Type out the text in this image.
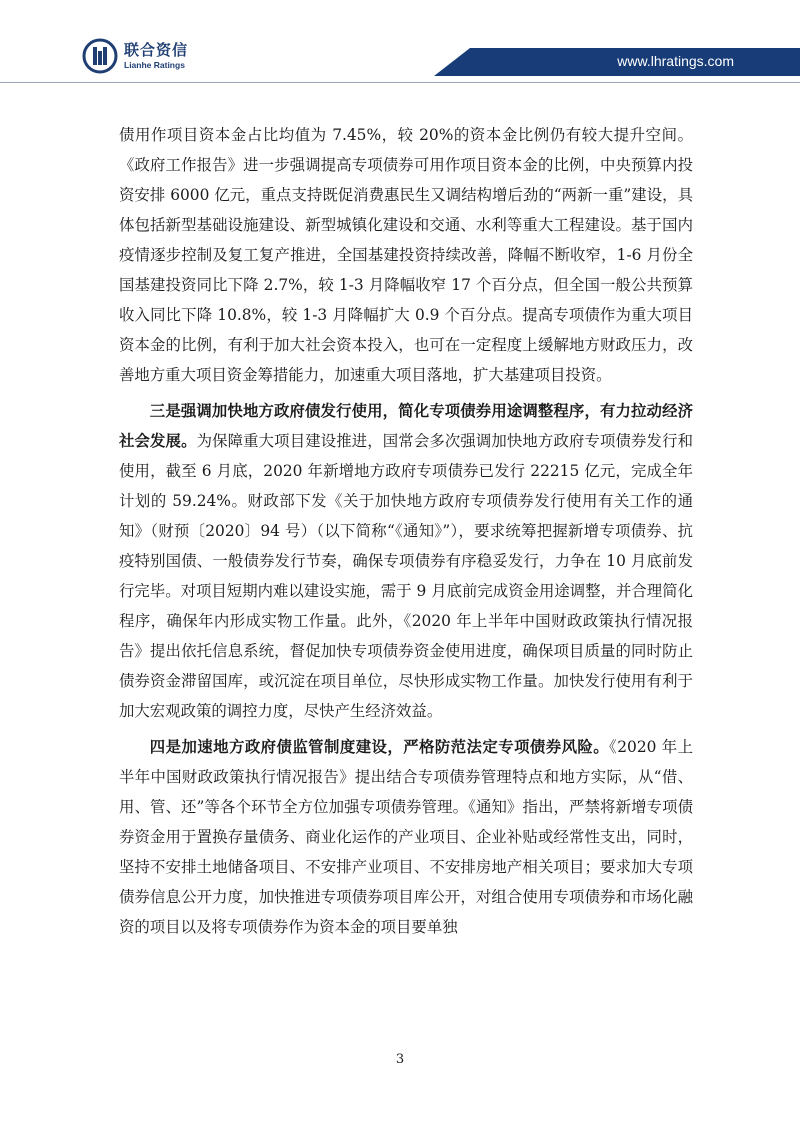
联合资信
Lianhe Ratings	www.lhratings.com

债用作项目资本金占比均值为 7.45%，较 20%的资本金比例仍有较大提升空间。《政府工作报告》进一步强调提高专项债券可用作项目资本金的比例，中央预算内投资安排 6000 亿元，重点支持既促消费惠民生又调结构增后劲的“两新一重”建设，具体包括新型基础设施建设、新型城镇化建设和交通、水利等重大工程建设。基于国内疫情逐步控制及复工复产推进，全国基建投资持续改善，降幅不断收窄，1-6 月份全国基建投资同比下降 2.7%，较 1-3 月降幅收窄 17 个百分点，但全国一般公共预算收入同比下降 10.8%，较 1-3 月降幅扩大 0.9 个百分点。提高专项债作为重大项目资本金的比例，有利于加大社会资本投入，也可在一定程度上缓解地方财政压力，改善地方重大项目资金筹措能力，加速重大项目落地，扩大基建项目投资。

三是强调加快地方政府债发行使用，简化专项债券用途调整程序，有力拉动经济社会发展。为保障重大项目建设推进，国常会多次强调加快地方政府专项债券发行和使用，截至 6 月底，2020 年新增地方政府专项债券已发行 22215 亿元，完成全年计划的 59.24%。财政部下发《关于加快地方政府专项债券发行使用有关工作的通知》（财预〔2020〕94 号）（以下简称“《通知》”），要求统筹把握新增专项债券、抗疫特别国债、一般债券发行节奏，确保专项债券有序稳妥发行，力争在 10 月底前发行完毕。对项目短期内难以建设实施，需于 9 月底前完成资金用途调整，并合理简化程序，确保年内形成实物工作量。此外，《2020 年上半年中国财政政策执行情况报告》提出依托信息系统，督促加快专项债券资金使用进度，确保项目质量的同时防止债券资金滞留国库，或沉淀在项目单位，尽快形成实物工作量。加快发行使用有利于加大宏观政策的调控力度，尽快产生经济效益。

四是加速地方政府债监管制度建设，严格防范法定专项债券风险。《2020 年上半年中国财政政策执行情况报告》提出结合专项债券管理特点和地方实际，从“借、用、管、还”等各个环节全方位加强专项债券管理。《通知》指出，严禁将新增专项债券资金用于置换存量债务、商业化运作的产业项目、企业补贴或经常性支出，同时，坚持不安排土地储备项目、不安排产业项目、不安排房地产相关项目；要求加大专项债券信息公开力度，加快推进专项债券项目库公开，对组合使用专项债券和市场化融资的项目以及将专项债券作为资本金的项目要单独

3
